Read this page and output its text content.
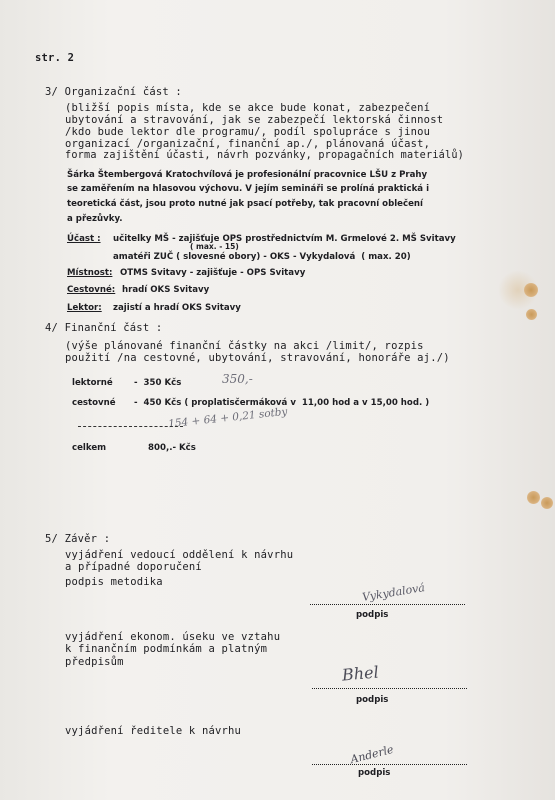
str. 2
3/ Organizační část :
(bližší popis místa, kde se akce bude konat, zabezpečení
ubytování a stravování, jak se zabezpečí lektorská činnost
/kdo bude lektor dle programu/, podíl spolupráce s jinou
organizací /organizační, finanční ap./, plánovaná účast,
forma zajištění účasti, návrh pozvánky, propagačních materiálů)
Šárka Štembergová Kratochvílová je profesionální pracovnice LŠU z Prahy
se zaměřením na hlasovou výchovu. V jejím semináři se prolíná praktická i
teoretická část, jsou proto nutné jak psací potřeby, tak pracovní oblečení
a přezůvky.
Účast : učitelky MŠ - zajišťuje OPS prostřednictvím M. Grmelové 2. MŠ Svitavy
( max. - 15)
amatéři ZUČ ( slovesné obory) - OKS - Vykydalová  ( max. 20)
Místnost: OTMS Svitavy - zajišťuje - OPS Svitavy
Cestovné: hradí OKS Svitavy
Lektor: zajistí a hradí OKS Svitavy
4/ Finanční část :
(výše plánované finanční částky na akci /limit/, rozpis
použití /na cestovné, ubytování, stravování, honoráře aj./)
lektorné -  350 Kčs	350,-
cestovné -  450 Kčs ( proplatisčermáková v  11,00 hod a v 15,00 hod. )
154 + 64 + 0,21 sotby
celkem	800,.- Kčs
5/ Závěr :
vyjádření vedoucí oddělení k návrhu
a případné doporučení
podpis metodika	Vykydalová
podpis
vyjádření ekonom. úseku ve vztahu
k finančním podmínkám a platným
předpisům
Bhel
podpis
vyjádření ředitele k návrhu
Anderle
podpis
